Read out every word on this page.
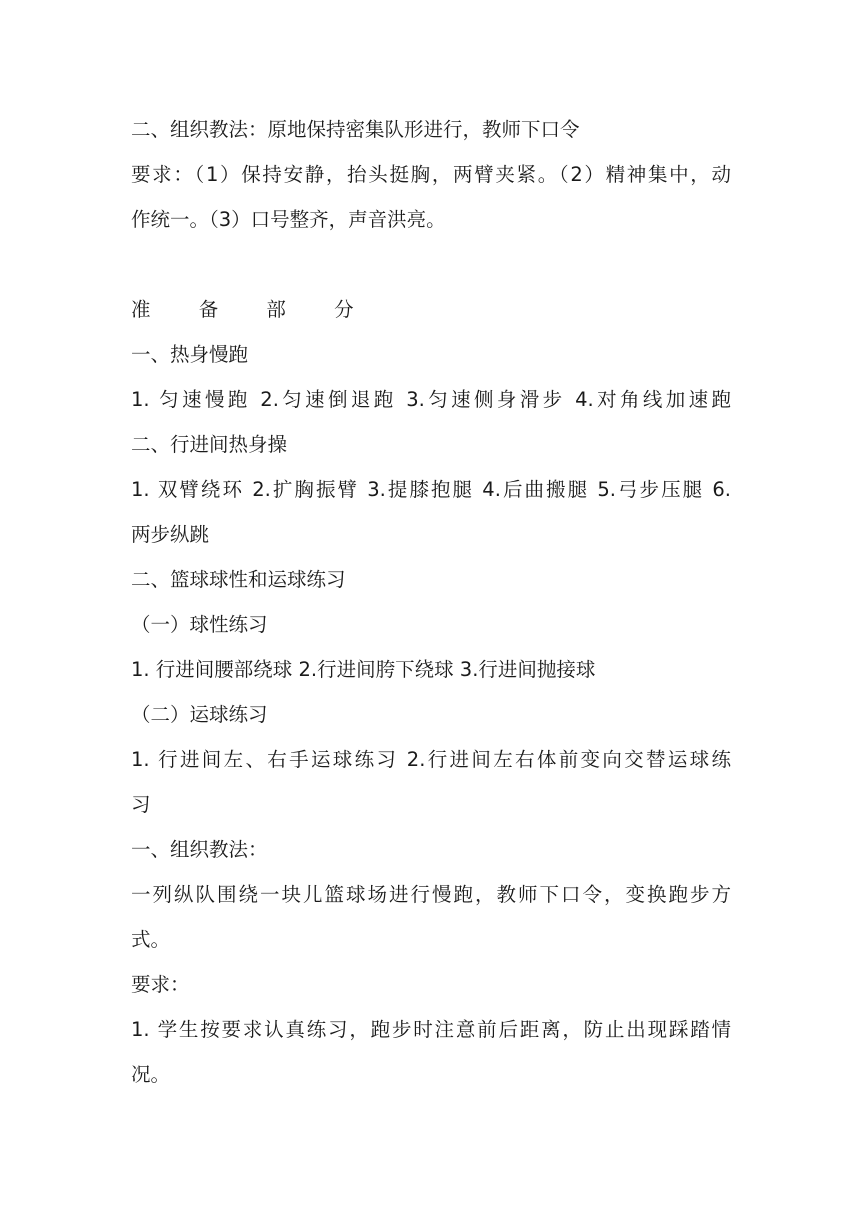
二、组织教法：原地保持密集队形进行，教师下口令
要求：（1）保持安静，抬头挺胸，两臂夹紧。（2）精神集中，动
作统一。（3）口号整齐，声音洪亮。
准 备 部 分
一、热身慢跑
1. 匀速慢跑 2.匀速倒退跑 3.匀速侧身滑步 4.对角线加速跑
二、行进间热身操
1. 双臂绕环 2.扩胸振臂 3.提膝抱腿 4.后曲搬腿 5.弓步压腿 6.
两步纵跳
二、篮球球性和运球练习
（一）球性练习
1. 行进间腰部绕球 2.行进间胯下绕球 3.行进间抛接球
（二）运球练习
1. 行进间左、右手运球练习 2.行进间左右体前变向交替运球练
习
一、组织教法：
一列纵队围绕一块儿篮球场进行慢跑，教师下口令，变换跑步方
式。
要求：
1. 学生按要求认真练习，跑步时注意前后距离，防止出现踩踏情
况。
